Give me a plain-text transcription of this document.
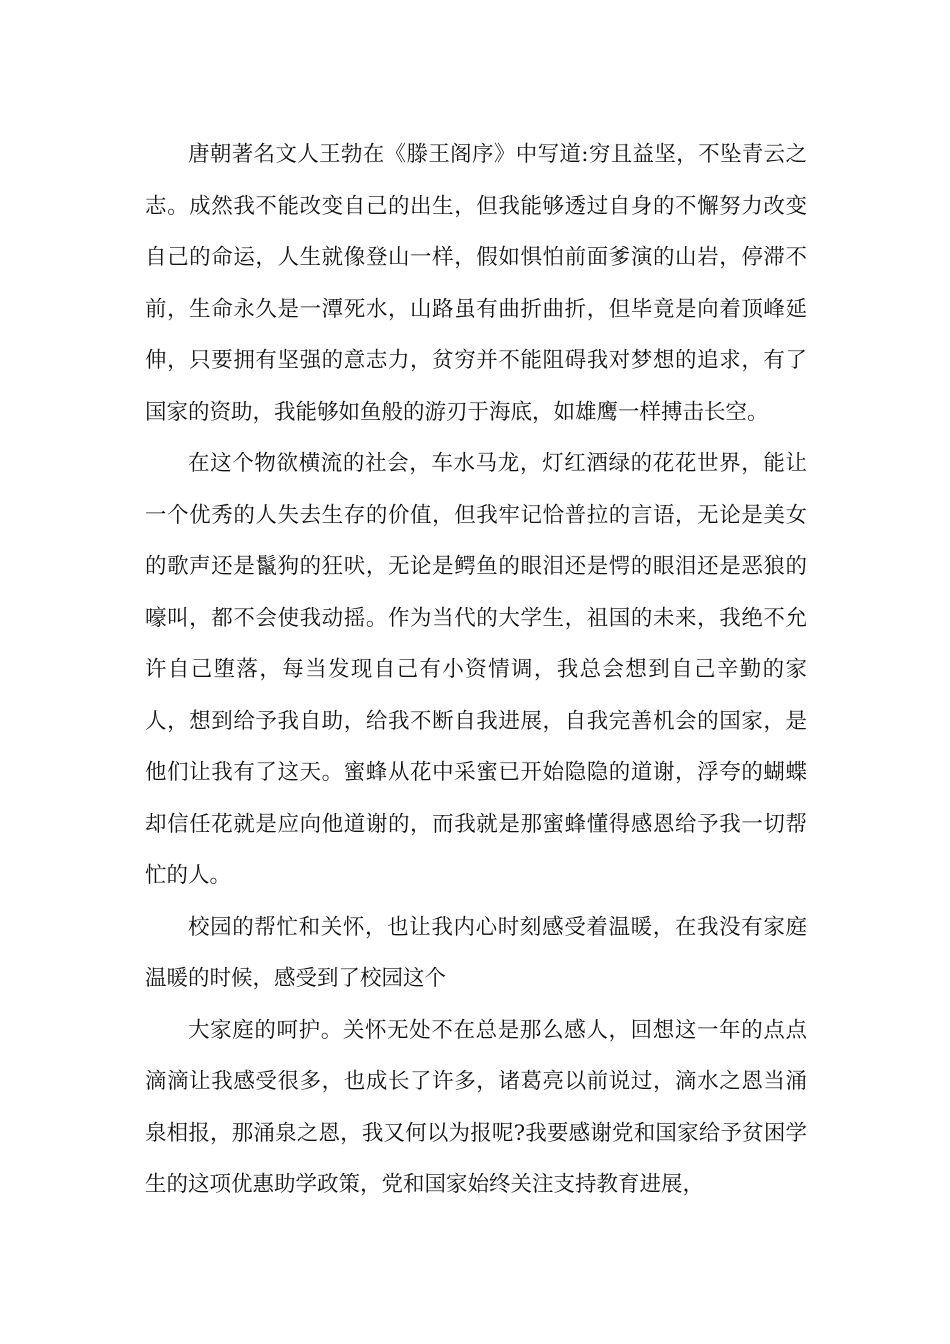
唐朝著名文人王勃在《滕王阁序》中写道:穷且益坚，不坠青云之志。成然我不能改变自己的出生，但我能够透过自身的不懈努力改变自己的命运，人生就像登山一样，假如惧怕前面爹演的山岩，停滞不前，生命永久是一潭死水，山路虽有曲折曲折，但毕竟是向着顶峰延伸，只要拥有坚强的意志力，贫穷并不能阻碍我对梦想的追求，有了国家的资助，我能够如鱼般的游刃于海底，如雄鹰一样搏击长空。

在这个物欲横流的社会，车水马龙，灯红酒绿的花花世界，能让一个优秀的人失去生存的价值，但我牢记恰普拉的言语，无论是美女的歌声还是鬣狗的狂吠，无论是鳄鱼的眼泪还是愕的眼泪还是恶狼的嚎叫，都不会使我动摇。作为当代的大学生，祖国的未来，我绝不允许自己堕落，每当发现自己有小资情调，我总会想到自己辛勤的家人，想到给予我自助，给我不断自我进展，自我完善机会的国家，是他们让我有了这天。蜜蜂从花中采蜜已开始隐隐的道谢，浮夸的蝴蝶却信任花就是应向他道谢的，而我就是那蜜蜂懂得感恩给予我一切帮忙的人。

校园的帮忙和关怀，也让我内心时刻感受着温暖，在我没有家庭温暖的时候，感受到了校园这个

大家庭的呵护。关怀无处不在总是那么感人，回想这一年的点点滴滴让我感受很多，也成长了许多，诸葛亮以前说过，滴水之恩当涌泉相报，那涌泉之恩，我又何以为报呢?我要感谢党和国家给予贫困学生的这项优惠助学政策，党和国家始终关注支持教育进展，
